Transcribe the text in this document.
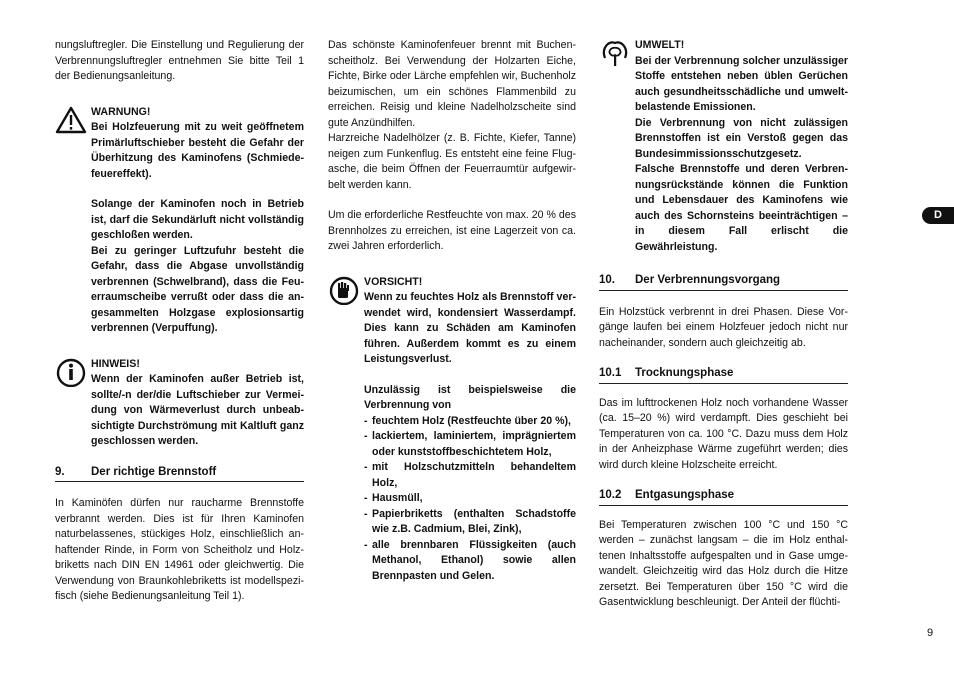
nungsluftregler. Die Einstellung und Regulierung der Verbrennungsluftregler entnehmen Sie bitte Teil 1 der Bedienungsanleitung.

WARNUNG!

Bei Holzfeuerung mit zu weit geöffnetem Primärluftschieber besteht die Gefahr der Überhitzung des Kaminofens (Schmiedefeuereffekt).

Solange der Kaminofen noch in Betrieb ist, darf die Sekundärluft nicht vollständig geschloßen werden.

Bei zu geringer Luftzufuhr besteht die Gefahr, dass die Abgase unvollständig verbrennen (Schwelbrand), dass die Feuerraumscheibe verrußt oder dass die angesammelten Holzgase explosionsartig verbrennen (Verpuffung).

HINWEIS!

Wenn der Kaminofen außer Betrieb ist, sollte/-n der/die Luftschieber zur Vermeidung von Wärmeverlust durch unbeabsichtigte Durchströmung mit Kaltluft ganz geschlossen werden.

9.	Der richtige Brennstoff

In Kaminöfen dürfen nur raucharme Brennstoffe verbrannt werden. Dies ist für Ihren Kaminofen naturbelassenes, stückiges Holz, einschließlich anhaftender Rinde, in Form von Scheitholz und Holzbriketts nach DIN EN 14961 oder gleichwertig. Die Verwendung von Braunkohlebriketts ist modellspezifisch (siehe Bedienungsanleitung Teil 1).

Das schönste Kaminofenfeuer brennt mit Buchenscheitholz. Bei Verwendung der Holzarten Eiche, Fichte, Birke oder Lärche empfehlen wir, Buchenholz beizumischen, um ein schönes Flammenbild zu erreichen. Reisig und kleine Nadelholzscheite sind gute Anzündhilfen.

Harzreiche Nadelhölzer (z. B. Fichte, Kiefer, Tanne) neigen zum Funkenflug. Es entsteht eine feine Flugasche, die beim Öffnen der Feuerraumtür aufgewirbelt werden kann.

Um die erforderliche Restfeuchte von max. 20 % des Brennholzes zu erreichen, ist eine Lagerzeit von ca. zwei Jahren erforderlich.

VORSICHT!

Wenn zu feuchtes Holz als Brennstoff verwendet wird, kondensiert Wasserdampf. Dies kann zu Schäden am Kaminofen führen. Außerdem kommt es zu einem Leistungsverlust.

Unzulässig ist beispielsweise die Verbrennung von

- feuchtem Holz (Restfeuchte über 20 %),
- lackiertem, laminiertem, imprägniertem oder kunststoffbeschichtetem Holz,
- mit Holzschutzmitteln behandeltem Holz,
- Hausmüll,
- Papierbriketts (enthalten Schadstoffe wie z.B. Cadmium, Blei, Zink),
- alle brennbaren Flüssigkeiten (auch Methanol, Ethanol) sowie allen Brennpasten und Gelen.
UMWELT!

Bei der Verbrennung solcher unzulässiger Stoffe entstehen neben üblen Gerüchen auch gesundheitsschädliche und umweltbelastende Emissionen.

Die Verbrennung von nicht zulässigen Brennstoffen ist ein Verstoß gegen das Bundesimmissionsschutzgesetz.

Falsche Brennstoffe und deren Verbrennungsrückstände können die Funktion und Lebensdauer des Kaminofens wie auch des Schornsteins beeinträchtigen – in diesem Fall erlischt die Gewährleistung.

10.	Der Verbrennungsvorgang

Ein Holzstück verbrennt in drei Phasen. Diese Vorgänge laufen bei einem Holzfeuer jedoch nicht nur nacheinander, sondern auch gleichzeitig ab.

10.1	Trocknungsphase

Das im lufttrockenen Holz noch vorhandene Wasser (ca. 15–20 %) wird verdampft. Dies geschieht bei Temperaturen von ca. 100 °C. Dazu muss dem Holz in der Anheizphase Wärme zugeführt werden; dies wird durch kleine Holzscheite erreicht.

10.2	Entgasungsphase

Bei Temperaturen zwischen 100 °C und 150 °C werden – zunächst langsam – die im Holz enthaltenen Inhaltsstoffe aufgespalten und in Gase umgewandelt. Gleichzeitig wird das Holz durch die Hitze zersetzt. Bei Temperaturen über 150 °C wird die Gasentwicklung beschleunigt. Der Anteil der flüchti-

D
9
